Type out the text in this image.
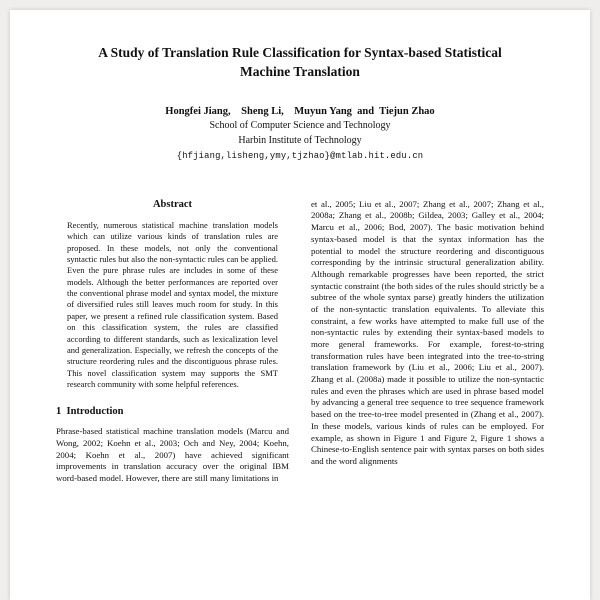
A Study of Translation Rule Classification for Syntax-based Statistical Machine Translation
Hongfei Jiang,    Sheng Li,    Muyun Yang  and  Tiejun Zhao
School of Computer Science and Technology
Harbin Institute of Technology
{hfjiang,lisheng,ymy,tjzhao}@mtlab.hit.edu.cn
Abstract
Recently, numerous statistical machine translation models which can utilize various kinds of translation rules are proposed. In these models, not only the conventional syntactic rules but also the non-syntactic rules can be applied. Even the pure phrase rules are includes in some of these models. Although the better performances are reported over the conventional phrase model and syntax model, the mixture of diversified rules still leaves much room for study. In this paper, we present a refined rule classification system. Based on this classification system, the rules are classified according to different standards, such as lexicalization level and generalization. Especially, we refresh the concepts of the structure reordering rules and the discontiguous phrase rules. This novel classification system may supports the SMT research community with some helpful references.
1  Introduction
Phrase-based statistical machine translation models (Marcu and Wong, 2002; Koehn et al., 2003; Och and Ney, 2004; Koehn, 2004; Koehn et al., 2007) have achieved significant improvements in translation accuracy over the original IBM word-based model. However, there are still many limitations in
et al., 2005; Liu et al., 2007; Zhang et al., 2007; Zhang et al., 2008a; Zhang et al., 2008b; Gildea, 2003; Galley et al., 2004; Marcu et al., 2006; Bod, 2007). The basic motivation behind syntax-based model is that the syntax information has the potential to model the structure reordering and discontiguous corresponding by the intrinsic structural generalization ability. Although remarkable progresses have been reported, the strict syntactic constraint (the both sides of the rules should strictly be a subtree of the whole syntax parse) greatly hinders the utilization of the non-syntactic translation equivalents. To alleviate this constraint, a few works have attempted to make full use of the non-syntactic rules by extending their syntax-based models to more general frameworks. For example, forest-to-string transformation rules have been integrated into the tree-to-string translation framework by (Liu et al., 2006; Liu et al., 2007). Zhang et al. (2008a) made it possible to utilize the non-syntactic rules and even the phrases which are used in phrase based model by advancing a general tree sequence to tree sequence framework based on the tree-to-tree model presented in (Zhang et al., 2007). In these models, various kinds of rules can be employed. For example, as shown in Figure 1 and Figure 2, Figure 1 shows a Chinese-to-English sentence pair with syntax parses on both sides and the word alignments
